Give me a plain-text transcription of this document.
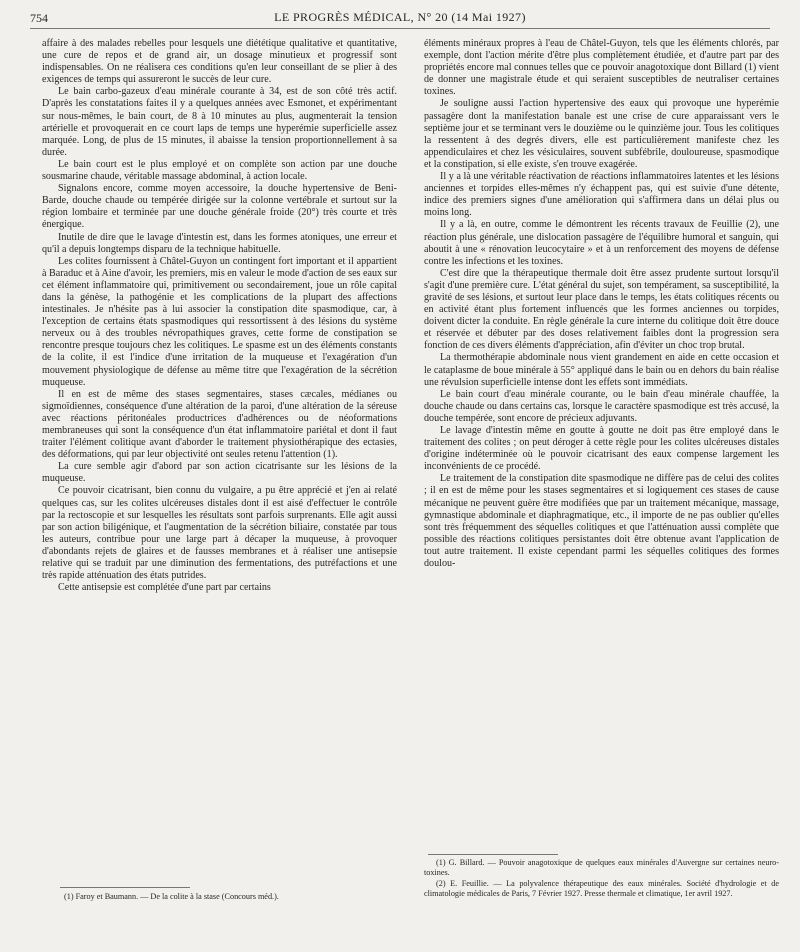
754	LE PROGRÈS MÉDICAL, N° 20 (14 Mai 1927)

affaire à des malades rebelles pour lesquels une diététique qualitative et quantitative, une cure de repos et de grand air, un dosage minutieux et progressif sont indispensables. On ne réalisera ces conditions qu'en leur conseillant de se plier à des exigences de temps qui assureront le succès de leur cure.

Le bain carbo-gazeux d'eau minérale courante à 34, est de son côté très actif. D'après les constatations faites il y a quelques années avec Esmonet, et expérimentant sur nous-mêmes, le bain court, de 8 à 10 minutes au plus, augmenterait la tension artérielle et provoquerait en ce court laps de temps une hyperémie superficielle assez marquée. Long, de plus de 15 minutes, il abaisse la tension proportionnellement à sa durée.

Le bain court est le plus employé et on complète son action par une douche sousmarine chaude, véritable massage abdominal, à action locale.

Signalons encore, comme moyen accessoire, la douche hypertensive de Beni-Barde, douche chaude ou tempérée dirigée sur la colonne vertébrale et surtout sur la région lombaire et terminée par une douche générale froide (20°) très courte et très énergique.

Inutile de dire que le lavage d'intestin est, dans les formes atoniques, une erreur et qu'il a depuis longtemps disparu de la technique habituelle.

Les colites fournissent à Châtel-Guyon un contingent fort important et il appartient à Baraduc et à Aine d'avoir, les premiers, mis en valeur le mode d'action de ses eaux sur cet élément inflammatoire qui, primitivement ou secondairement, joue un rôle capital dans la génèse, la pathogénie et les complications de la plupart des affections intestinales. Je n'hésite pas à lui associer la constipation dite spasmodique, car, à l'exception de certains états spasmodiques qui ressortissent à des lésions du système nerveux ou à des troubles névropathiques graves, cette forme de constipation se rencontre presque toujours chez les colitiques. Le spasme est un des éléments constants de la colite, il est l'indice d'une irritation de la muqueuse et l'exagération d'un mouvement physiologique de défense au même titre que l'exagération de la sécrétion muqueuse.

Il en est de même des stases segmentaires, stases cæcales, médianes ou sigmoïdiennes, conséquence d'une altération de la paroi, d'une altération de la séreuse avec réactions péritonéales productrices d'adhérences ou de néoformations membraneuses qui sont la conséquence d'un état inflammatoire pariétal et dont il faut traiter l'élément colitique avant d'aborder le traitement physiothérapique des ectasies, des déformations, qui par leur objectivité ont seules retenu l'attention (1).

La cure semble agir d'abord par son action cicatrisante sur les lésions de la muqueuse.

Ce pouvoir cicatrisant, bien connu du vulgaire, a pu être apprécié et j'en ai relaté quelques cas, sur les colites ulcéreuses distales dont il est aisé d'effectuer le contrôle par la rectoscopie et sur lesquelles les résultats sont parfois surprenants. Elle agit aussi par son action biligénique, et l'augmentation de la sécrétion biliaire, constatée par tous les auteurs, contribue pour une large part à décaper la muqueuse, à provoquer d'abondants rejets de glaires et de fausses membranes et à réaliser une antisepsie relative qui se traduit par une diminution des fermentations, des putréfactions et une très rapide atténuation des états putrides.

Cette antisepsie est complétée d'une part par certains

éléments minéraux propres à l'eau de Châtel-Guyon, tels que les éléments chlorés, par exemple, dont l'action mérite d'être plus complètement étudiée, et d'autre part par des propriétés encore mal connues telles que ce pouvoir anagotoxique dont Billard (1) vient de donner une magistrale étude et qui seraient susceptibles de neutraliser certaines toxines.

Je souligne aussi l'action hypertensive des eaux qui provoque une hyperémie passagère dont la manifestation banale est une crise de cure apparaissant vers le septième jour et se terminant vers le douzième ou le quinzième jour. Tous les colitiques la ressentent à des degrés divers, elle est particulièrement manifeste chez les appendiculaires et chez les vésiculaires, souvent subfébrile, douloureuse, spasmodique et la constipation, si elle existe, s'en trouve exagérée.

Il y a là une véritable réactivation de réactions inflammatoires latentes et les lésions anciennes et torpides elles-mêmes n'y échappent pas, qui est suivie d'une détente, indice des premiers signes d'une amélioration qui s'affirmera dans un délai plus ou moins long.

Il y a là, en outre, comme le démontrent les récents travaux de Feuillie (2), une réaction plus générale, une dislocation passagère de l'équilibre humoral et sanguin, qui aboutit à une « rénovation leucocytaire » et à un renforcement des moyens de défense contre les infections et les toxines.

C'est dire que la thérapeutique thermale doit être assez prudente surtout lorsqu'il s'agit d'une première cure. L'état général du sujet, son tempérament, sa susceptibilité, la gravité de ses lésions, et surtout leur place dans le temps, les états colitiques récents ou en activité étant plus fortement influencés que les formes anciennes ou torpides, doivent dicter la conduite. En règle générale la cure interne du colitique doit être douce et réservée et débuter par des doses relativement faibles dont la progression sera fonction de ces divers éléments d'appréciation, afin d'éviter un choc trop brutal.

La thermothérapie abdominale nous vient grandement en aide en cette occasion et le cataplasme de boue minérale à 55° appliqué dans le bain ou en dehors du bain réalise une révulsion superficielle intense dont les effets sont immédiats.

Le bain court d'eau minérale courante, ou le bain d'eau minérale chauffée, la douche chaude ou dans certains cas, lorsque le caractère spasmodique est très accusé, la douche tempérée, sont encore de précieux adjuvants.

Le lavage d'intestin même en goutte à goutte ne doit pas être employé dans le traitement des colites ; on peut déroger à cette règle pour les colites ulcéreuses distales d'origine indéterminée où le pouvoir cicatrisant des eaux compense largement les inconvénients de ce procédé.

Le traitement de la constipation dite spasmodique ne diffère pas de celui des colites ; il en est de même pour les stases segmentaires et si logiquement ces stases de cause mécanique ne peuvent guère être modifiées que par un traitement mécanique, massage, gymnastique abdominale et diaphragmatique, etc., il importe de ne pas oublier qu'elles sont très fréquemment des séquelles colitiques et que l'atténuation aussi complète que possible des réactions colitiques persistantes doit être obtenue avant l'application de tout autre traitement. Il existe cependant parmi les séquelles colitiques des formes doulou-

(1) Faroy et Baumann. — De la colite à la stase (Concours méd.).

(1) G. Billard. — Pouvoir anagotoxique de quelques eaux minérales d'Auvergne sur certaines neuro-toxines.

(2) E. Feuillie. — La polyvalence thérapeutique des eaux minérales. Société d'hydrologie et de climatologie médicales de Paris, 7 Février 1927. Presse thermale et climatique, 1er avril 1927.
